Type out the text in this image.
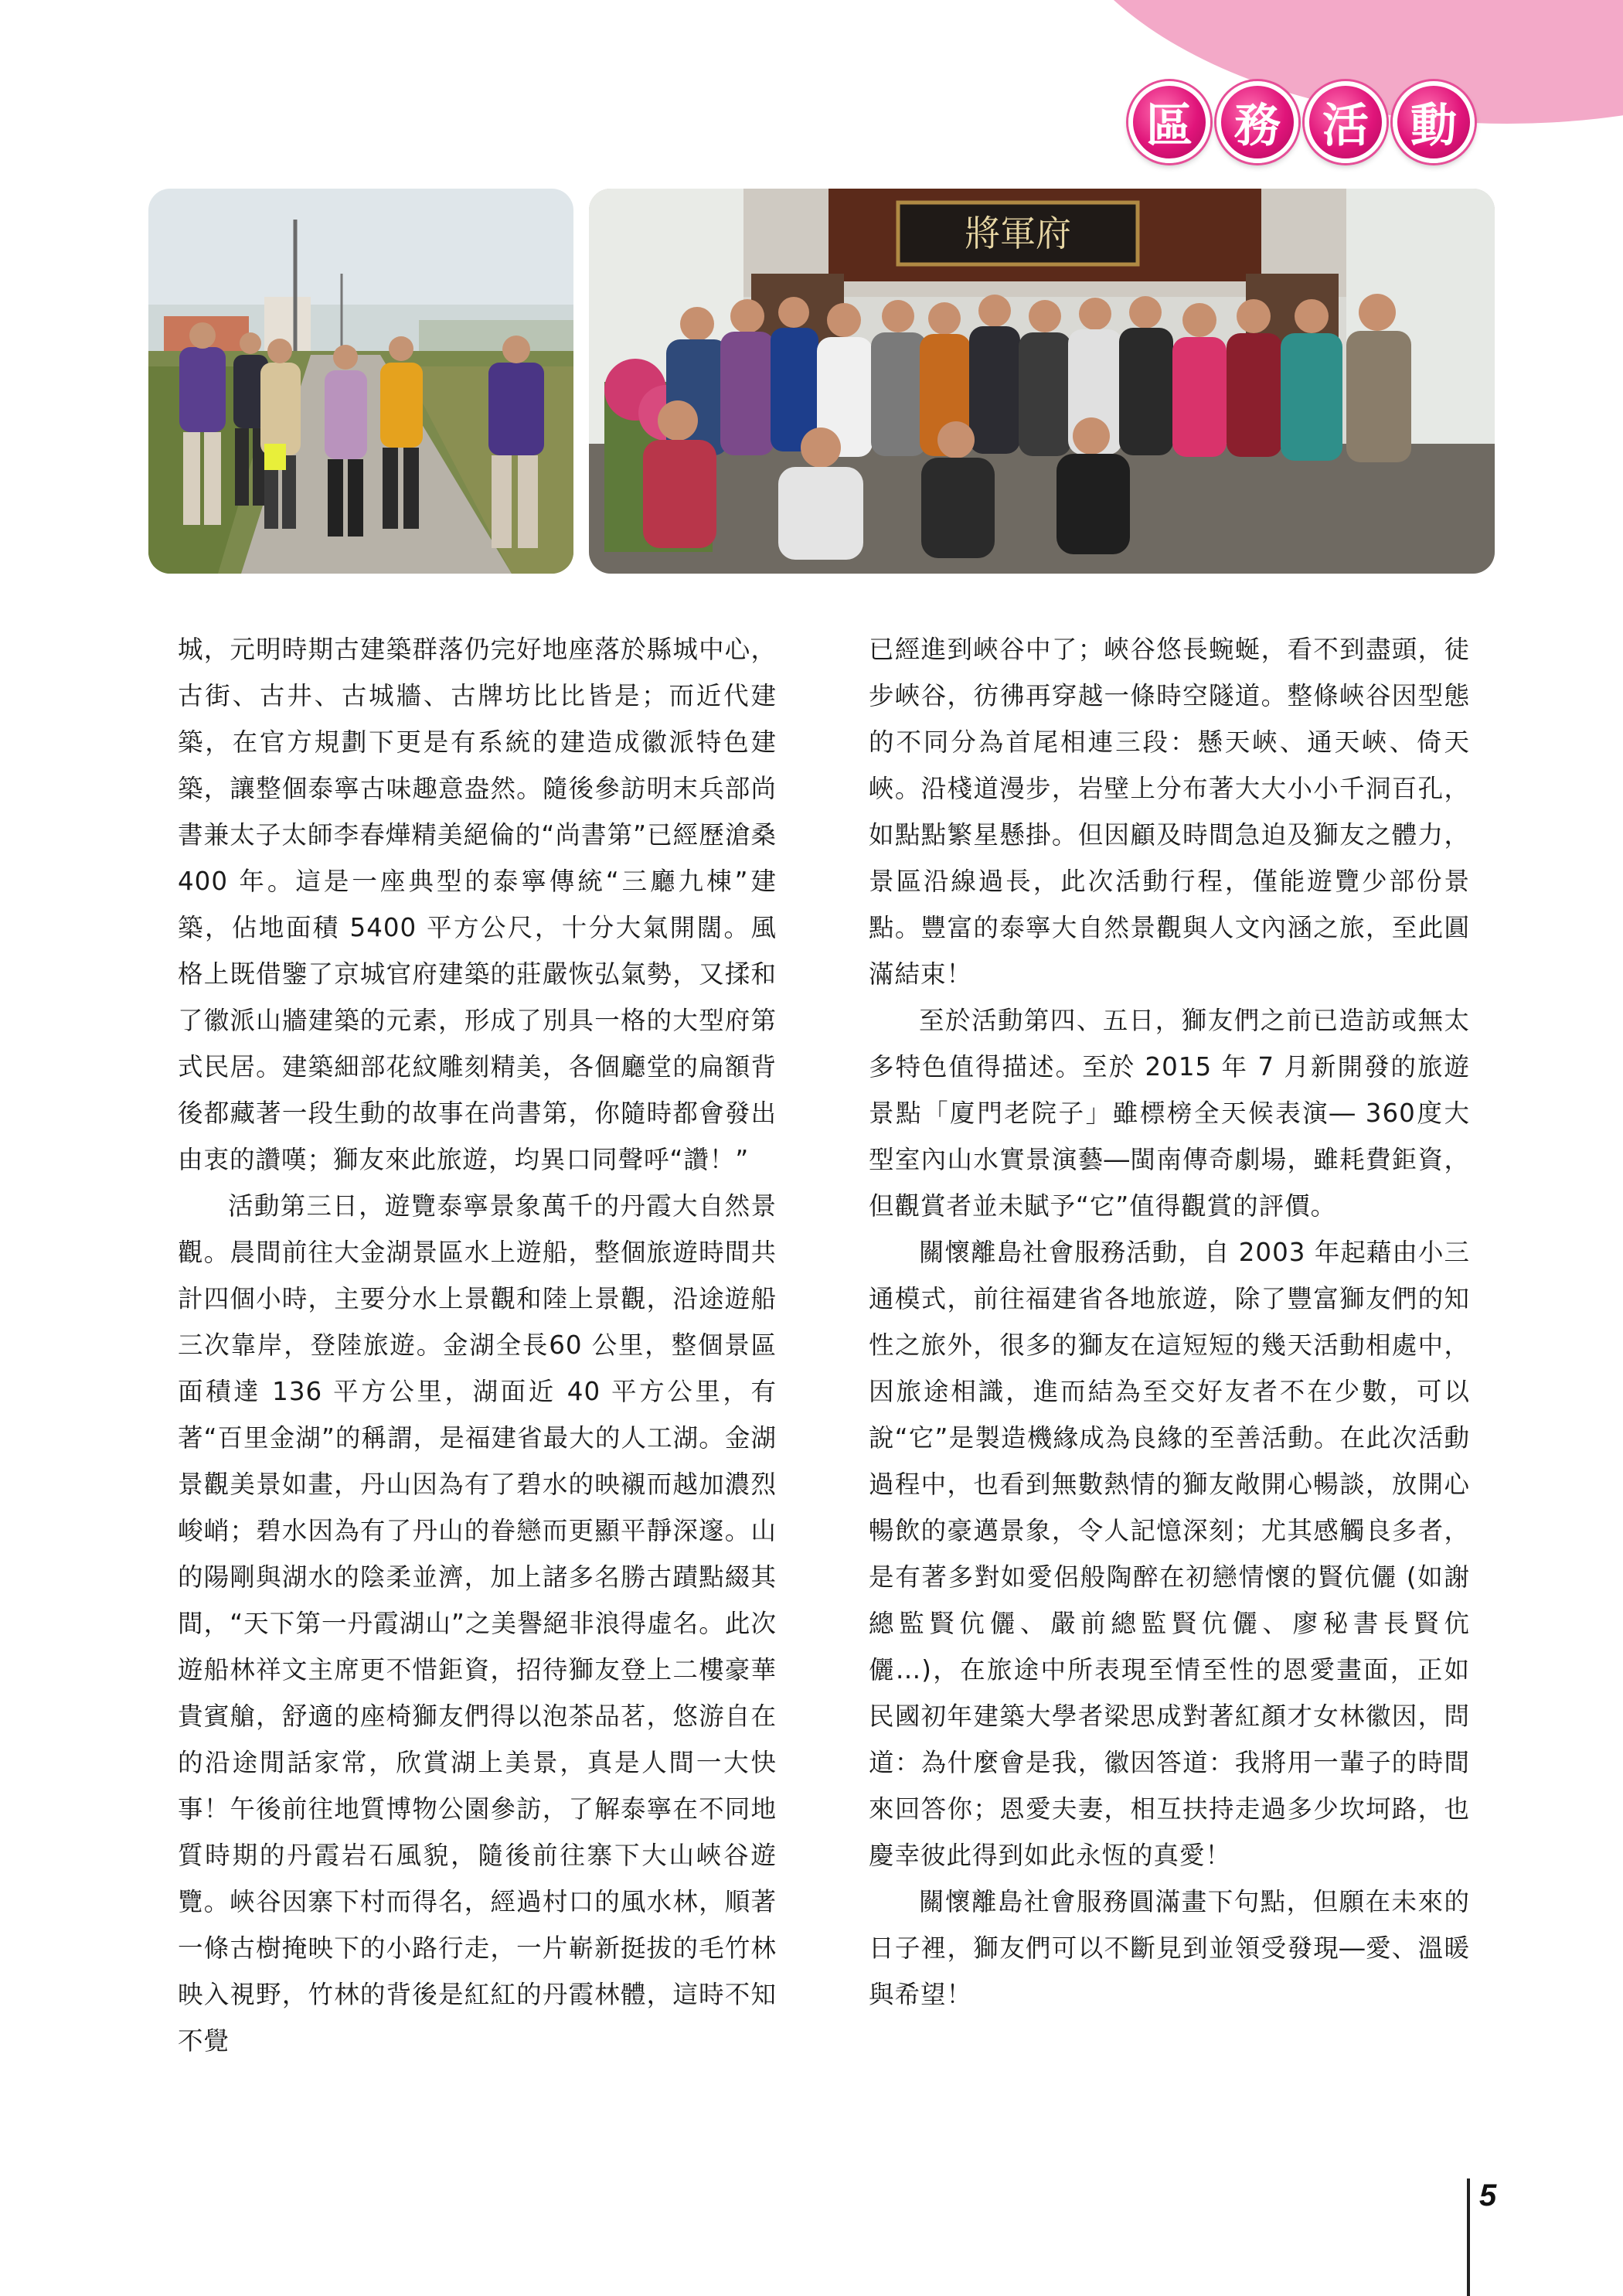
區 務 活 動
將軍府

城，元明時期古建築群落仍完好地座落於縣城中心，古街、古井、古城牆、古牌坊比比皆是；而近代建築，在官方規劃下更是有系統的建造成徽派特色建築，讓整個泰寧古味趣意盎然。隨後參訪明末兵部尚書兼太子太師李春燁精美絕倫的“尚書第”已經歷滄桑400 年。這是一座典型的泰寧傳統“三廳九棟”建築，佔地面積 5400 平方公尺，十分大氣開闊。風格上既借鑒了京城官府建築的莊嚴恢弘氣勢，又揉和了徽派山牆建築的元素，形成了別具一格的大型府第式民居。建築細部花紋雕刻精美，各個廳堂的扁額背後都藏著一段生動的故事在尚書第，你隨時都會發出由衷的讚嘆；獅友來此旅遊，均異口同聲呼“讚！”

活動第三日，遊覽泰寧景象萬千的丹霞大自然景觀。晨間前往大金湖景區水上遊船，整個旅遊時間共計四個小時，主要分水上景觀和陸上景觀，沿途遊船三次靠岸，登陸旅遊。金湖全長60 公里，整個景區面積達 136 平方公里，湖面近 40 平方公里，有著“百里金湖”的稱謂，是福建省最大的人工湖。金湖景觀美景如畫，丹山因為有了碧水的映襯而越加濃烈峻峭；碧水因為有了丹山的眷戀而更顯平靜深邃。山的陽剛與湖水的陰柔並濟，加上諸多名勝古蹟點綴其間，“天下第一丹霞湖山”之美譽絕非浪得虛名。此次遊船林祥文主席更不惜鉅資，招待獅友登上二樓豪華貴賓艙，舒適的座椅獅友們得以泡茶品茗，悠游自在的沿途閒話家常，欣賞湖上美景，真是人間一大快事！午後前往地質博物公園參訪，了解泰寧在不同地質時期的丹霞岩石風貌，隨後前往寨下大山峽谷遊覽。峽谷因寨下村而得名，經過村口的風水林，順著一條古樹掩映下的小路行走，一片嶄新挺拔的毛竹林映入視野，竹林的背後是紅紅的丹霞林體，這時不知不覺

已經進到峽谷中了；峽谷悠長蜿蜒，看不到盡頭，徒步峽谷，彷彿再穿越一條時空隧道。整條峽谷因型態的不同分為首尾相連三段：懸天峽、通天峽、倚天峽。沿棧道漫步，岩壁上分布著大大小小千洞百孔，如點點繁星懸掛。但因顧及時間急迫及獅友之體力，景區沿線過長，此次活動行程，僅能遊覽少部份景點。豐富的泰寧大自然景觀與人文內涵之旅，至此圓滿結束！

至於活動第四、五日，獅友們之前已造訪或無太多特色值得描述。至於 2015 年 7 月新開發的旅遊景點「廈門老院子」雖標榜全天候表演― 360度大型室內山水實景演藝―閩南傳奇劇場，雖耗費鉅資，但觀賞者並未賦予“它”值得觀賞的評價。

關懷離島社會服務活動，自 2003 年起藉由小三通模式，前往福建省各地旅遊，除了豐富獅友們的知性之旅外，很多的獅友在這短短的幾天活動相處中，因旅途相識，進而結為至交好友者不在少數，可以說“它”是製造機緣成為良緣的至善活動。在此次活動過程中，也看到無數熱情的獅友敞開心暢談，放開心暢飲的豪邁景象，令人記憶深刻；尤其感觸良多者，是有著多對如愛侶般陶醉在初戀情懷的賢伉儷 (如謝總監賢伉儷、嚴前總監賢伉儷、廖秘書長賢伉儷…)，在旅途中所表現至情至性的恩愛畫面，正如民國初年建築大學者梁思成對著紅顏才女林徽因，問道：為什麼會是我，徽因答道：我將用一輩子的時間來回答你；恩愛夫妻，相互扶持走過多少坎坷路，也慶幸彼此得到如此永恆的真愛！

關懷離島社會服務圓滿畫下句點，但願在未來的日子裡，獅友們可以不斷見到並領受發現―愛、溫暖與希望！

5
